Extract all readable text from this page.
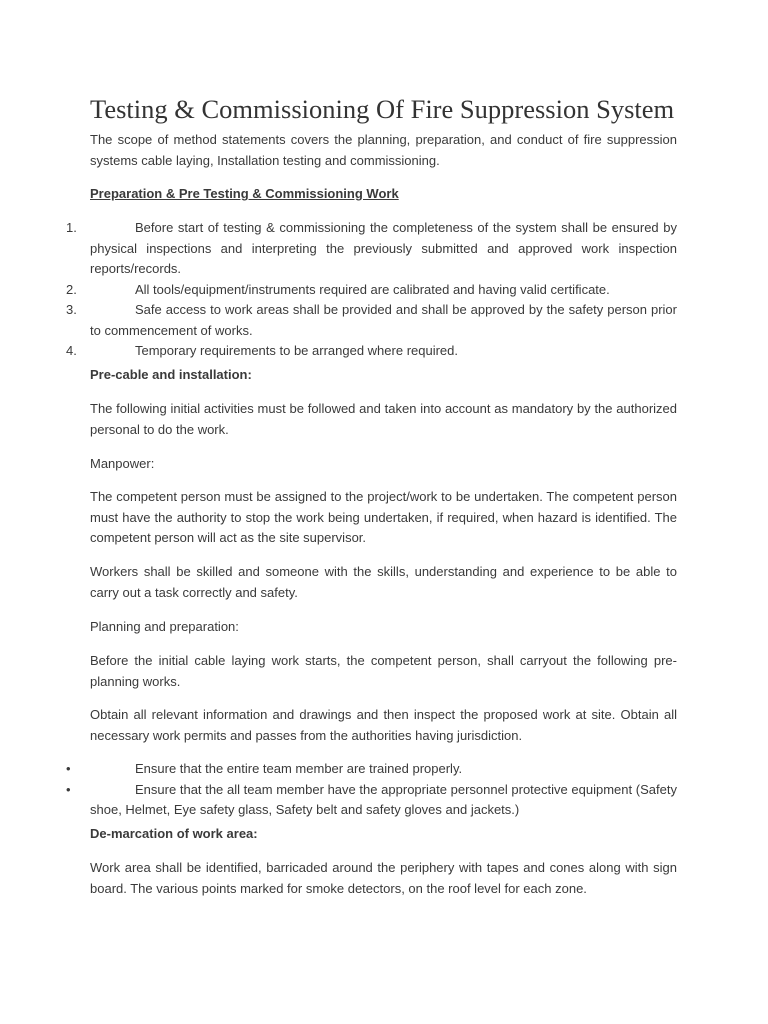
Testing & Commissioning Of Fire Suppression System
The scope of method statements covers the planning, preparation, and conduct of fire suppression systems cable laying, Installation testing and commissioning.
Preparation & Pre Testing & Commissioning Work
1.	Before start of testing & commissioning the completeness of the system shall be ensured by physical inspections and interpreting the previously submitted and approved work inspection reports/records.
2.	All tools/equipment/instruments required are calibrated and having valid certificate.
3.	Safe access to work areas shall be provided and shall be approved by the safety person prior to commencement of works.
4.	Temporary requirements to be arranged where required.
Pre-cable and installation:
The following initial activities must be followed and taken into account as mandatory by the authorized personal to do the work.
Manpower:
The competent person must be assigned to the project/work to be undertaken. The competent person must have the authority to stop the work being undertaken, if required, when hazard is identified. The competent person will act as the site supervisor.
Workers shall be skilled and someone with the skills, understanding and experience to be able to carry out a task correctly and safety.
Planning and preparation:
Before the initial cable laying work starts, the competent person, shall carryout the following pre-planning works.
Obtain all relevant information and drawings and then inspect the proposed work at site. Obtain all necessary work permits and passes from the authorities having jurisdiction.
•	Ensure that the entire team member are trained properly.
•	Ensure that the all team member have the appropriate personnel protective equipment (Safety shoe, Helmet, Eye safety glass, Safety belt and safety gloves and jackets.)
De-marcation of work area:
Work area shall be identified, barricaded around the periphery with tapes and cones along with sign board. The various points marked for smoke detectors, on the roof level for each zone.
